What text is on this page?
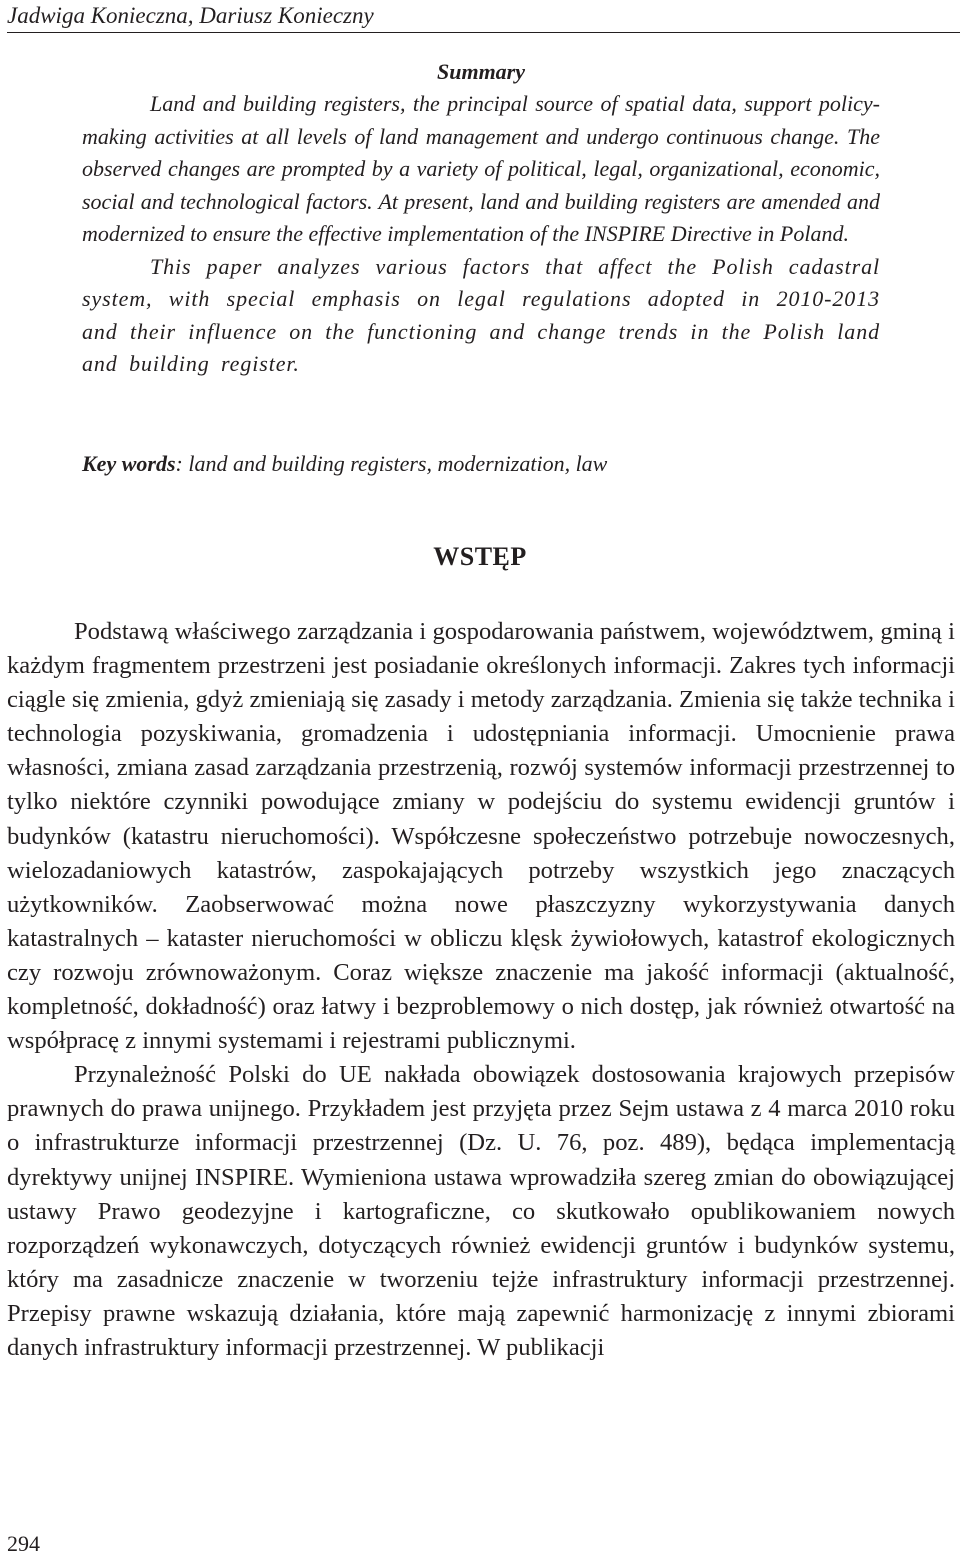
Jadwiga Konieczna, Dariusz Konieczny
Summary

Land and building registers, the principal source of spatial data, support policy-making activities at all levels of land management and undergo continuous change. The observed changes are prompted by a variety of political, legal, organizational, economic, social and technological factors. At present, land and building registers are amended and modernized to ensure the effective implementation of the INSPIRE Directive in Poland.

This paper analyzes various factors that affect the Polish cadastral system, with special emphasis on legal regulations adopted in 2010-2013 and their influence on the functioning and change trends in the Polish land and building register.

Key words: land and building registers, modernization, law
WSTĘP

Podstawą właściwego zarządzania i gospodarowania państwem, województwem, gminą i każdym fragmentem przestrzeni jest posiadanie określonych informacji. Zakres tych informacji ciągle się zmienia, gdyż zmieniają się zasady i metody zarządzania. Zmienia się także technika i technologia pozyskiwania, gromadzenia i udostępniania informacji. Umocnienie prawa własności, zmiana zasad zarządzania przestrzenią, rozwój systemów informacji przestrzennej to tylko niektóre czynniki powodujące zmiany w podejściu do systemu ewidencji gruntów i budynków (katastru nieruchomości). Współczesne społeczeństwo potrzebuje nowoczesnych, wielozadaniowych katastrów, zaspokajających potrzeby wszystkich jego znaczących użytkowników. Zaobserwować można nowe płaszczyzny wykorzystywania danych katastralnych – kataster nieruchomości w obliczu klęsk żywiołowych, katastrof ekologicznych czy rozwoju zrównoważonym. Coraz większe znaczenie ma jakość informacji (aktualność, kompletność, dokładność) oraz łatwy i bezproblemowy o nich dostęp, jak również otwartość na współpracę z innymi systemami i rejestrami publicznymi.

Przynależność Polski do UE nakłada obowiązek dostosowania krajowych przepisów prawnych do prawa unijnego. Przykładem jest przyjęta przez Sejm ustawa z 4 marca 2010 roku o infrastrukturze informacji przestrzennej (Dz. U. 76, poz. 489), będąca implementacją dyrektywy unijnej INSPIRE. Wymieniona ustawa wprowadziła szereg zmian do obowiązującej ustawy Prawo geodezyjne i kartograficzne, co skutkowało opublikowaniem nowych rozporządzeń wykonawczych, dotyczących również ewidencji gruntów i budynków systemu, który ma zasadnicze znaczenie w tworzeniu tejże infrastruktury informacji przestrzennej. Przepisy prawne wskazują działania, które mają zapewnić harmonizację z innymi zbiorami danych infrastruktury informacji przestrzennej. W publikacji

294
